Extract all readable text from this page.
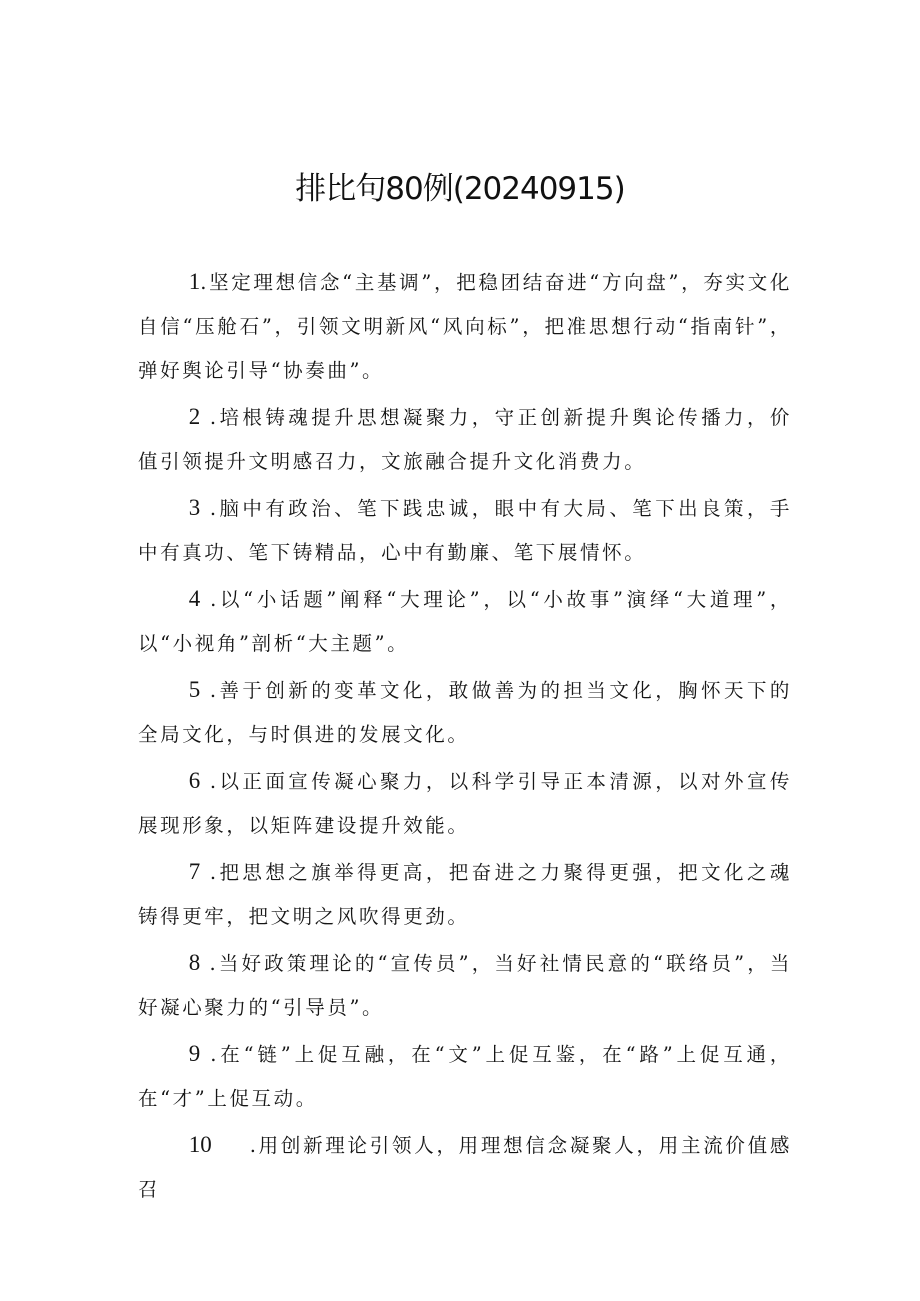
排比句80例(20240915)

1.坚定理想信念“主基调”，把稳团结奋进“方向盘”，夯实文化自信“压舱石”，引领文明新风“风向标”，把准思想行动“指南针”，弹好舆论引导“协奏曲”。

2 .培根铸魂提升思想凝聚力，守正创新提升舆论传播力，价值引领提升文明感召力，文旅融合提升文化消费力。

3 .脑中有政治、笔下践忠诚，眼中有大局、笔下出良策，手中有真功、笔下铸精品，心中有勤廉、笔下展情怀。

4 .以“小话题”阐释“大理论”，以“小故事”演绎“大道理”，以“小视角”剖析“大主题”。

5 .善于创新的变革文化，敢做善为的担当文化，胸怀天下的全局文化，与时俱进的发展文化。

6 .以正面宣传凝心聚力，以科学引导正本清源，以对外宣传展现形象，以矩阵建设提升效能。

7 .把思想之旗举得更高，把奋进之力聚得更强，把文化之魂铸得更牢，把文明之风吹得更劲。

8 .当好政策理论的“宣传员”，当好社情民意的“联络员”，当好凝心聚力的“引导员”。

9 .在“链”上促互融，在“文”上促互鉴，在“路”上促互通，在“才”上促互动。

10 .用创新理论引领人，用理想信念凝聚人，用主流价值感召
